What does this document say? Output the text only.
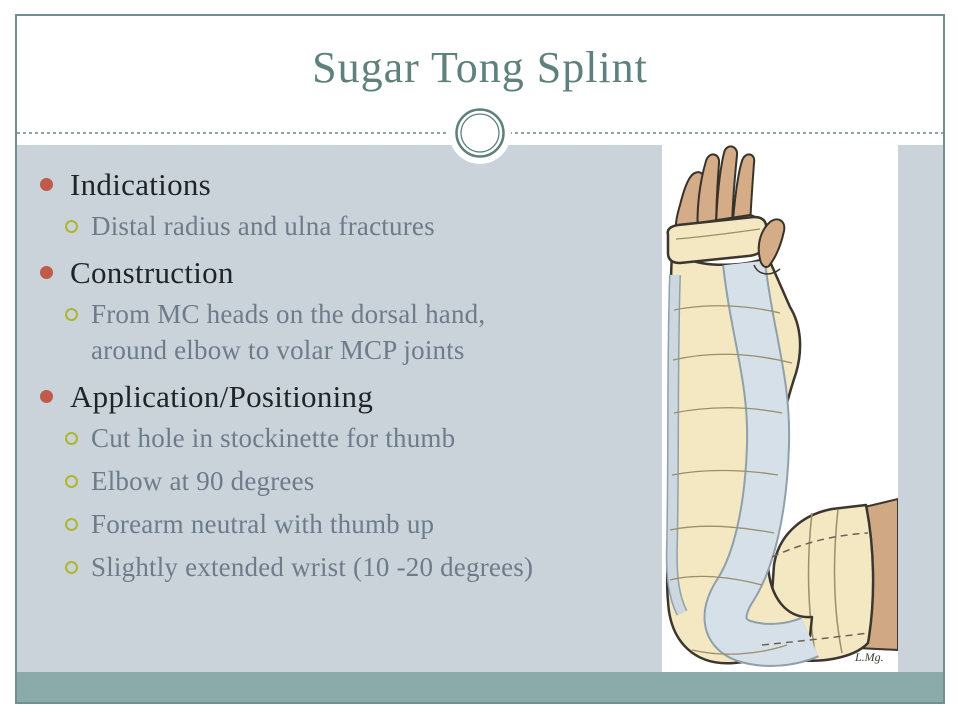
Sugar Tong Splint
L.Mg.
Indications
Distal radius and ulna fractures
Construction
From MC heads on the dorsal hand,
around elbow to volar MCP joints
Application/Positioning
Cut hole in stockinette for thumb
Elbow at 90 degrees
Forearm neutral with thumb up
Slightly extended wrist (10 -20 degrees)
